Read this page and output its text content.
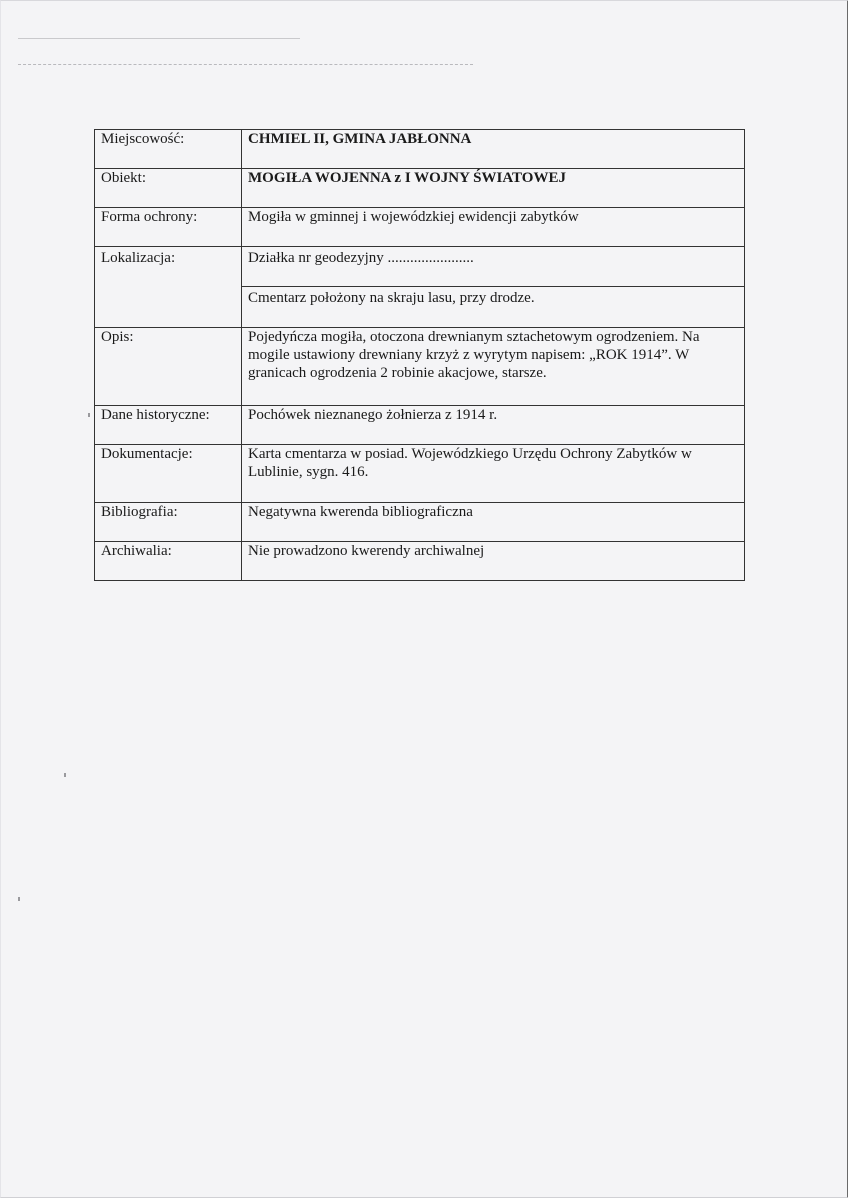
Miejscowość:	CHMIEL II, GMINA JABŁONNA
Obiekt:	MOGIŁA WOJENNA z I WOJNY ŚWIATOWEJ
Forma ochrony:	Mogiła w gminnej i wojewódzkiej ewidencji zabytków
Lokalizacja:	Działka nr geodezyjny .......................
	Cmentarz położony na skraju lasu, przy drodze.
Opis:	Pojedyńcza mogiła, otoczona drewnianym sztachetowym ogrodzeniem. Na mogile ustawiony drewniany krzyż z wyrytym napisem: „ROK 1914”. W granicach ogrodzenia 2 robinie akacjowe, starsze.
Dane historyczne:	Pochówek nieznanego żołnierza z 1914 r.
Dokumentacje:	Karta cmentarza w posiad. Wojewódzkiego Urzędu Ochrony Zabytków w Lublinie, sygn. 416.
Bibliografia:	Negatywna kwerenda bibliograficzna
Archiwalia:	Nie prowadzono kwerendy archiwalnej
